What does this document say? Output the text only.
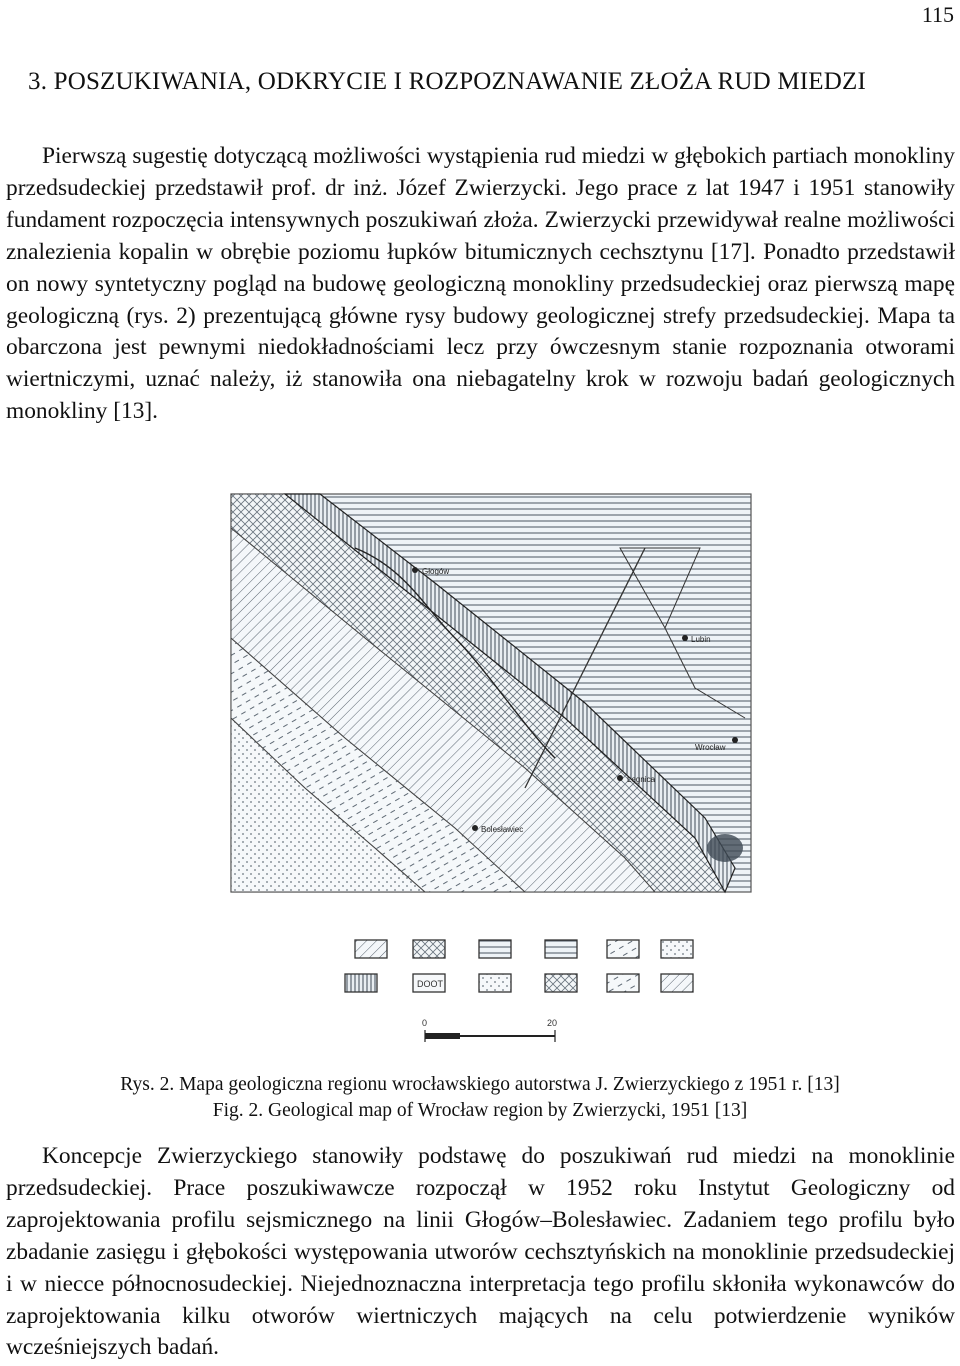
115
3. POSZUKIWANIA, ODKRYCIE I ROZPOZNAWANIE ZŁOŻA RUD MIEDZI

Pierwszą sugestię dotyczącą możliwości wystąpienia rud miedzi w głębokich partiach monokliny przedsudeckiej przedstawił prof. dr inż. Józef Zwierzycki. Jego prace z lat 1947 i 1951 stanowiły fundament rozpoczęcia intensywnych poszukiwań złoża. Zwierzycki przewidywał realne możliwości znalezienia kopalin w obrębie poziomu łupków bitumicznych cechsztynu [17]. Ponadto przedstawił on nowy syntetyczny pogląd na budowę geologiczną monokliny przedsudeckiej oraz pierwszą mapę geologiczną (rys. 2) prezentującą główne rysy budowy geologicznej strefy przedsudeckiej. Mapa ta obarczona jest pewnymi niedokładnościami lecz przy ówczesnym stanie rozpoznania otworami wiertniczymi, uznać należy, iż stanowiła ona niebagatelny krok w rozwoju badań geologicznych monokliny [13].

Głogów
Lubin
Wrocław
Legnica
Bolesławiec
DOOT
0	20
Rys. 2. Mapa geologiczna regionu wrocławskiego autorstwa J. Zwierzyckiego z 1951 r. [13]
Fig. 2. Geological map of Wrocław region by Zwierzycki, 1951 [13]

Koncepcje Zwierzyckiego stanowiły podstawę do poszukiwań rud miedzi na monoklinie przedsudeckiej. Prace poszukiwawcze rozpoczął w 1952 roku Instytut Geologiczny od zaprojektowania profilu sejsmicznego na linii Głogów–Bolesławiec. Zadaniem tego profilu było zbadanie zasięgu i głębokości występowania utworów cechsztyńskich na monoklinie przedsudeckiej i w niecce północnosudeckiej. Niejednoznaczna interpretacja tego profilu skłoniła wykonawców do zaprojektowania kilku otworów wiertniczych mających na celu potwierdzenie wyników wcześniejszych badań.
